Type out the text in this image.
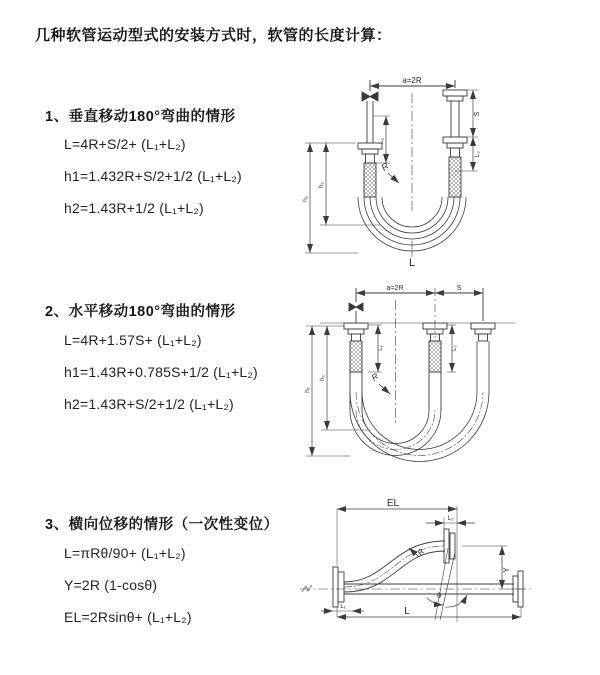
几种软管运动型式的安装方式时，软管的长度计算：
1、垂直移动180°弯曲的情形
L=4R+S/2+ (L₁+L₂)
h1=1.432R+S/2+1/2 (L₁+L₂)
h2=1.43R+1/2 (L₁+L₂)
2、水平移动180°弯曲的情形
L=4R+1.57S+ (L₁+L₂)
h1=1.43R+0.785S+1/2 (L₁+L₂)
h2=1.43R+S/2+1/2 (L₁+L₂)
3、横向位移的情形（一次性变位）
L=πRθ/90+ (L₁+L₂)
Y=2R (1-cosθ)
EL=2Rsinθ+ (L₁+L₂)
a=2R
L₁
S
L₂
h₁
h₂
R
L
a=2R	S
L₁	L₂
h₁
h₂	R
EL
L₂
Y
R
θ
L
L₁
